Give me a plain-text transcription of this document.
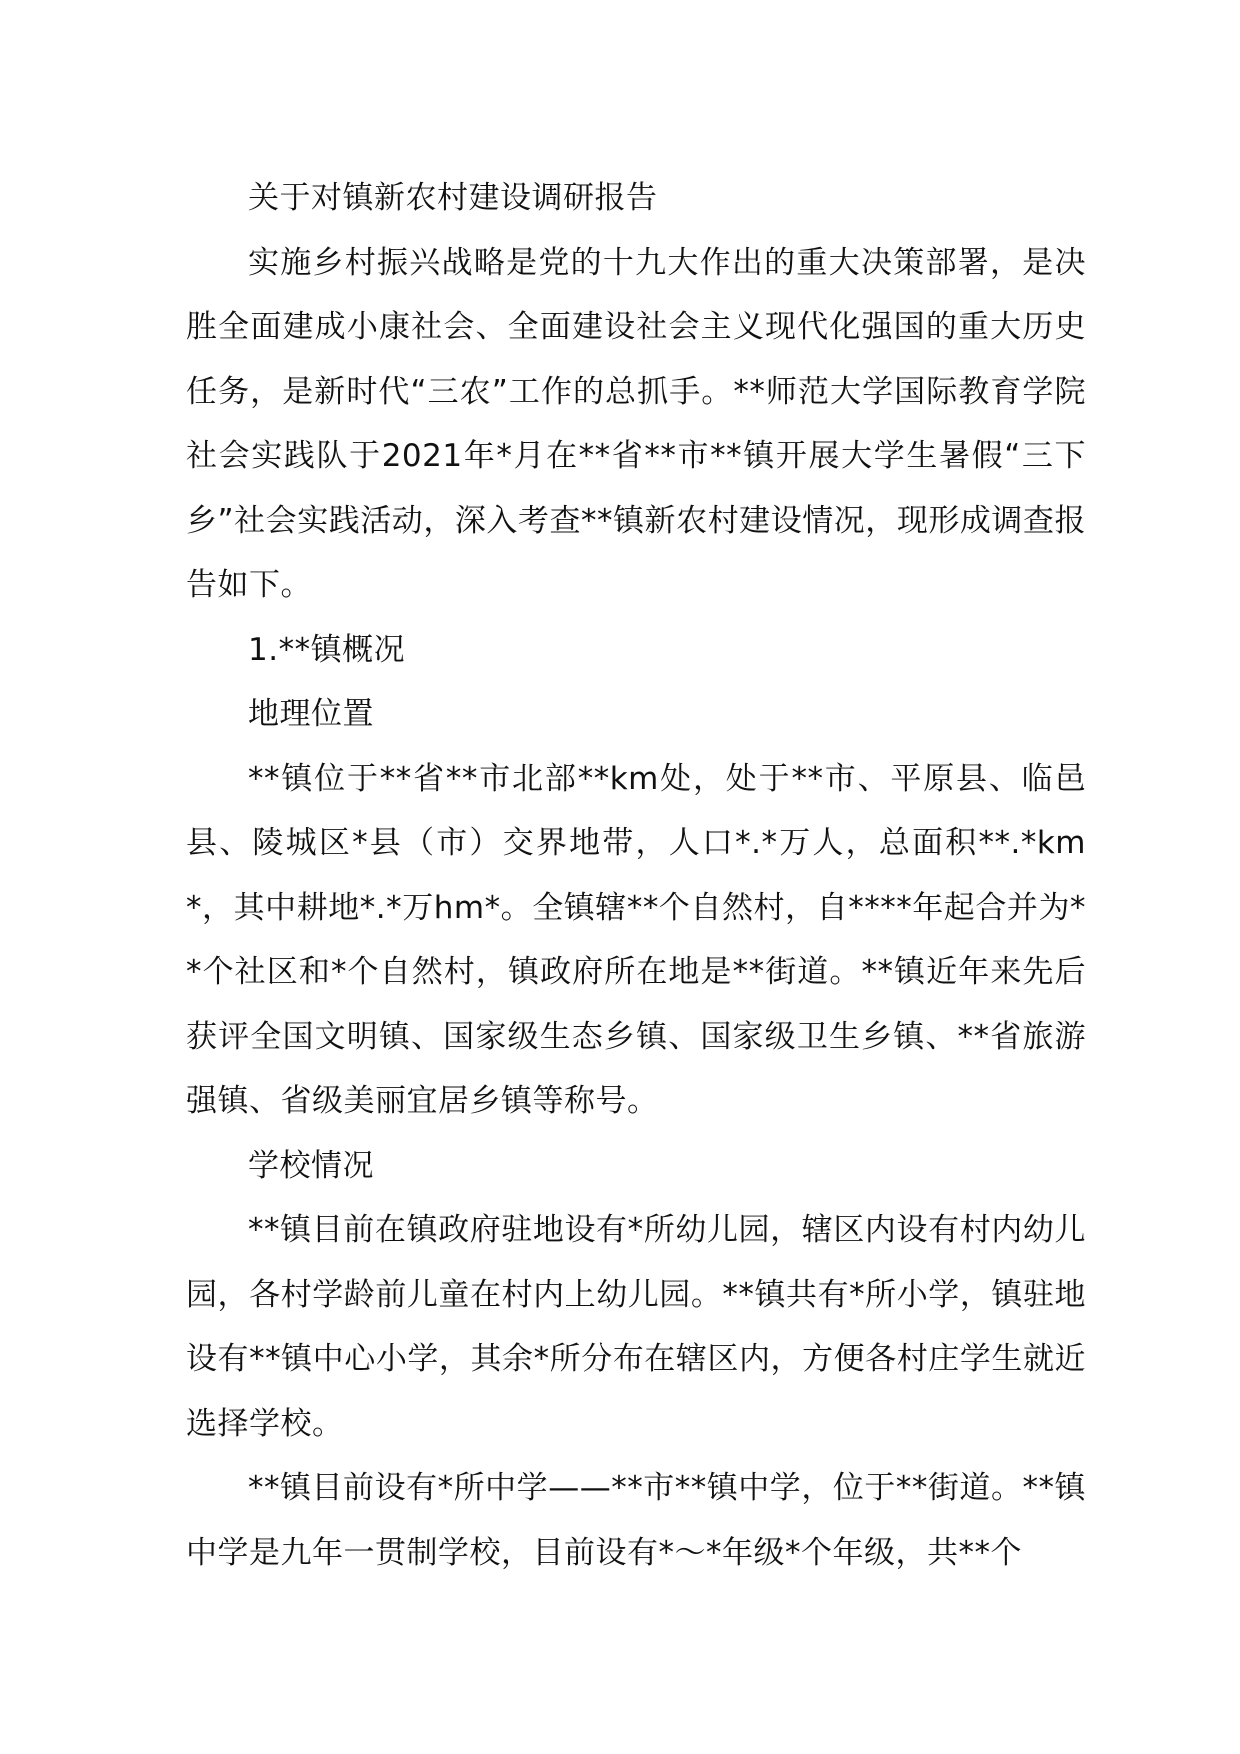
关于对镇新农村建设调研报告

实施乡村振兴战略是党的十九大作出的重大决策部署，是决胜全面建成小康社会、全面建设社会主义现代化强国的重大历史任务，是新时代“三农”工作的总抓手。**师范大学国际教育学院社会实践队于2021年*月在**省**市**镇开展大学生暑假“三下乡”社会实践活动，深入考查**镇新农村建设情况，现形成调查报告如下。

1.**镇概况

地理位置

**镇位于**省**市北部**km处，处于**市、平原县、临邑县、陵城区*县（市）交界地带，人口*.*万人，总面积**.*km*，其中耕地*.*万hm*。全镇辖**个自然村，自****年起合并为**个社区和*个自然村，镇政府所在地是**街道。**镇近年来先后获评全国文明镇、国家级生态乡镇、国家级卫生乡镇、**省旅游强镇、省级美丽宜居乡镇等称号。

学校情况

**镇目前在镇政府驻地设有*所幼儿园，辖区内设有村内幼儿园，各村学龄前儿童在村内上幼儿园。**镇共有*所小学，镇驻地设有**镇中心小学，其余*所分布在辖区内，方便各村庄学生就近选择学校。

**镇目前设有*所中学——**市**镇中学，位于**街道。**镇中学是九年一贯制学校，目前设有*～*年级*个年级，共**个
